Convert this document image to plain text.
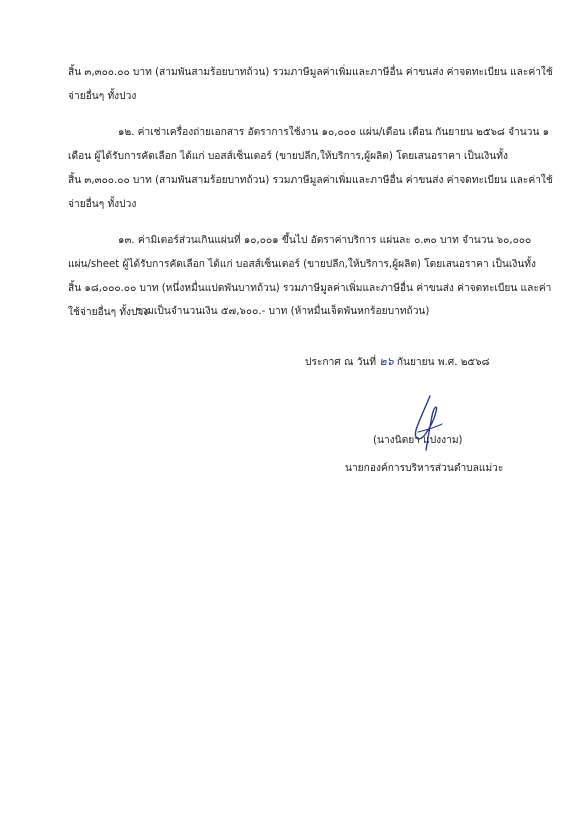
สิ้น ๓,๓๐๐.๐๐ บาท (สามพันสามร้อยบาทถ้วน) รวมภาษีมูลค่าเพิ่มและภาษีอื่น ค่าขนส่ง ค่าจดทะเบียน และค่าใช้
จ่ายอื่นๆ ทั้งปวง
๑๒. ค่าเช่าเครื่องถ่ายเอกสาร อัตราการใช้งาน ๑๐,๐๐๐ แผ่น/เดือน เดือน กันยายน ๒๕๖๘ จำนวน ๑
เดือน ผู้ได้รับการคัดเลือก ได้แก่ บอสส์เซ็นเตอร์ (ขายปลีก,ให้บริการ,ผู้ผลิต) โดยเสนอราคา เป็นเงินทั้ง
สิ้น ๓,๓๐๐.๐๐ บาท (สามพันสามร้อยบาทถ้วน) รวมภาษีมูลค่าเพิ่มและภาษีอื่น ค่าขนส่ง ค่าจดทะเบียน และค่าใช้
จ่ายอื่นๆ ทั้งปวง
๑๓. ค่ามิเตอร์ส่วนเกินแผ่นที่ ๑๐,๐๐๑ ขึ้นไป อัตราค่าบริการ แผ่นละ ๐.๓๐ บาท จำนวน ๖๐,๐๐๐
แผ่น/sheet ผู้ได้รับการคัดเลือก ได้แก่ บอสส์เซ็นเตอร์ (ขายปลีก,ให้บริการ,ผู้ผลิต) โดยเสนอราคา เป็นเงินทั้ง
สิ้น ๑๘,๐๐๐.๐๐ บาท (หนึ่งหมื่นแปดพันบาทถ้วน) รวมภาษีมูลค่าเพิ่มและภาษีอื่น ค่าขนส่ง ค่าจดทะเบียน และค่า
ใช้จ่ายอื่นๆ ทั้งปวง
รวมเป็นจำนวนเงิน ๕๗,๖๐๐.- บาท (ห้าหมื่นเจ็ดพันหกร้อยบาทถ้วน)
ประกาศ ณ วันที่ ๒๖ กันยายน พ.ศ. ๒๕๖๘
(นางนิตยา แปงงาม)
นายกองค์การบริหารส่วนตำบลแม่วะ
